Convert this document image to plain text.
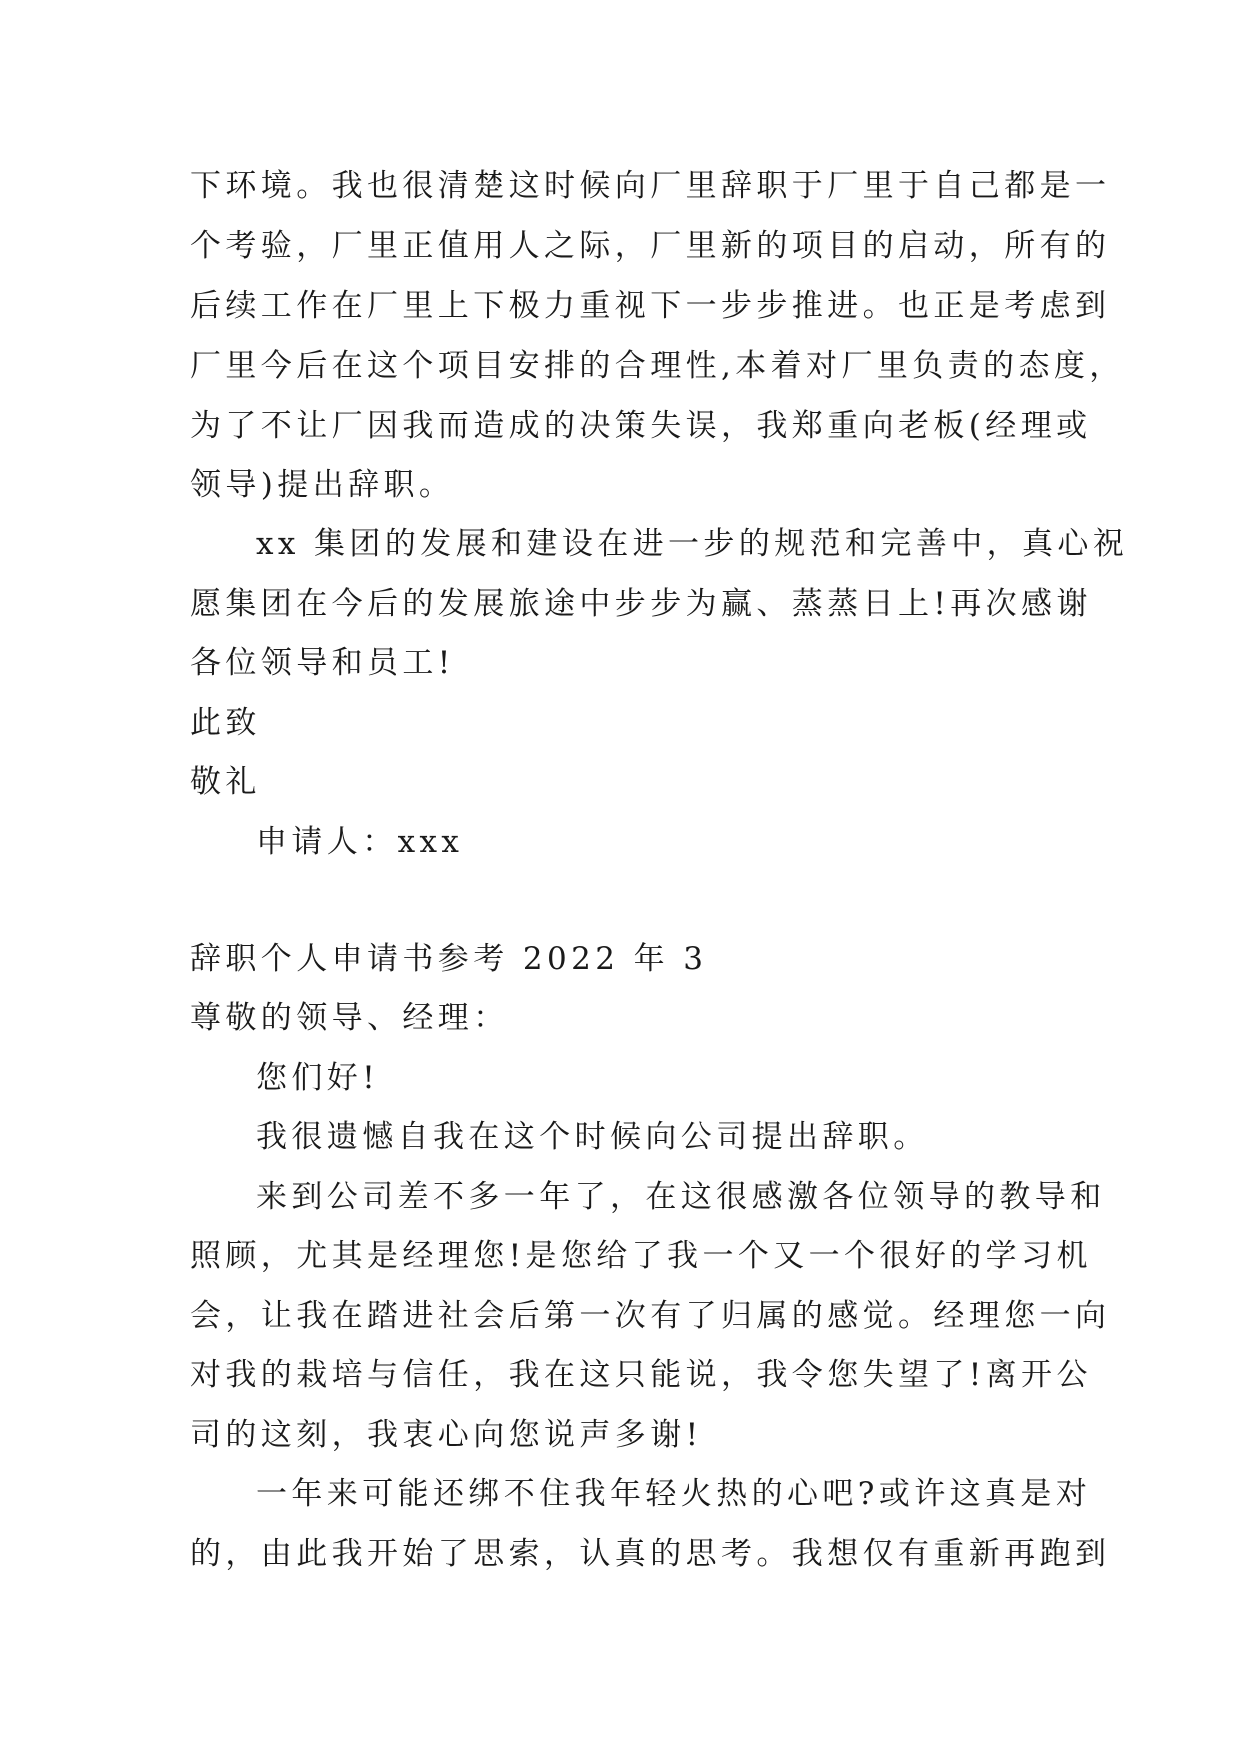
下环境。我也很清楚这时候向厂里辞职于厂里于自己都是一
个考验，厂里正值用人之际，厂里新的项目的启动，所有的
后续工作在厂里上下极力重视下一步步推进。也正是考虑到
厂里今后在这个项目安排的合理性,本着对厂里负责的态度，
为了不让厂因我而造成的决策失误，我郑重向老板(经理或
领导)提出辞职。
xx 集团的发展和建设在进一步的规范和完善中，真心祝
愿集团在今后的发展旅途中步步为赢、蒸蒸日上!再次感谢
各位领导和员工!
此致
敬礼
申请人：xxx
辞职个人申请书参考 2022 年 3
尊敬的领导、经理：
您们好!
我很遗憾自我在这个时候向公司提出辞职。
来到公司差不多一年了，在这很感激各位领导的教导和
照顾，尤其是经理您!是您给了我一个又一个很好的学习机
会，让我在踏进社会后第一次有了归属的感觉。经理您一向
对我的栽培与信任，我在这只能说，我令您失望了!离开公
司的这刻，我衷心向您说声多谢!
一年来可能还绑不住我年轻火热的心吧?或许这真是对
的，由此我开始了思索，认真的思考。我想仅有重新再跑到
